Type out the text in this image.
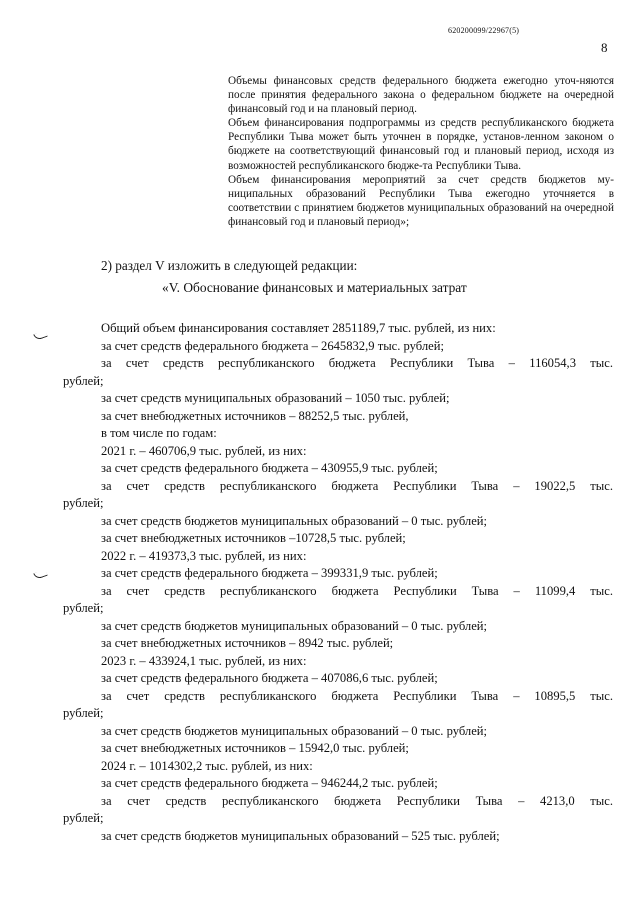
620200099/22967(5)
8

Объемы финансовых средств федерального бюджета ежегодно уточ-няются после принятия федерального закона о федеральном бюджете на очередной финансовый год и на плановый период.

Объем финансирования подпрограммы из средств республиканского бюджета Республики Тыва может быть уточнен в порядке, установ-ленном законом о бюджете на соответствующий финансовый год и плановый период, исходя из возможностей республиканского бюдже-та Республики Тыва.

Объем финансирования мероприятий за счет средств бюджетов му-ниципальных образований Республики Тыва ежегодно уточняется в соответствии с принятием бюджетов муниципальных образований на очередной финансовый год и плановый период»;

2) раздел V изложить в следующей редакции:
«V. Обоснование финансовых и материальных затрат

Общий объем финансирования составляет 2851189,7 тыс. рублей, из них:

за счет средств федерального бюджета – 2645832,9 тыс. рублей;

за счет средств республиканского бюджета Республики Тыва – 116054,3 тыс.

рублей;

за счет средств муниципальных образований – 1050 тыс. рублей;

за счет внебюджетных источников – 88252,5 тыс. рублей,

в том числе по годам:

2021 г. – 460706,9 тыс. рублей, из них:

за счет средств федерального бюджета – 430955,9 тыс. рублей;

за счет средств республиканского бюджета Республики Тыва – 19022,5 тыс.

рублей;

за счет средств бюджетов муниципальных образований – 0 тыс. рублей;

за счет внебюджетных источников –10728,5 тыс. рублей;

2022 г. – 419373,3 тыс. рублей, из них:

за счет средств федерального бюджета – 399331,9 тыс. рублей;

за счет средств республиканского бюджета Республики Тыва – 11099,4 тыс.

рублей;

за счет средств бюджетов муниципальных образований – 0 тыс. рублей;

за счет внебюджетных источников – 8942 тыс. рублей;

2023 г. – 433924,1 тыс. рублей, из них:

за счет средств федерального бюджета – 407086,6 тыс. рублей;

за счет средств республиканского бюджета Республики Тыва – 10895,5 тыс.

рублей;

за счет средств бюджетов муниципальных образований – 0 тыс. рублей;

за счет внебюджетных источников – 15942,0 тыс. рублей;

2024 г. – 1014302,2 тыс. рублей, из них:

за счет средств федерального бюджета – 946244,2 тыс. рублей;

за счет средств республиканского бюджета Республики Тыва – 4213,0 тыс.

рублей;

за счет средств бюджетов муниципальных образований – 525 тыс. рублей;
